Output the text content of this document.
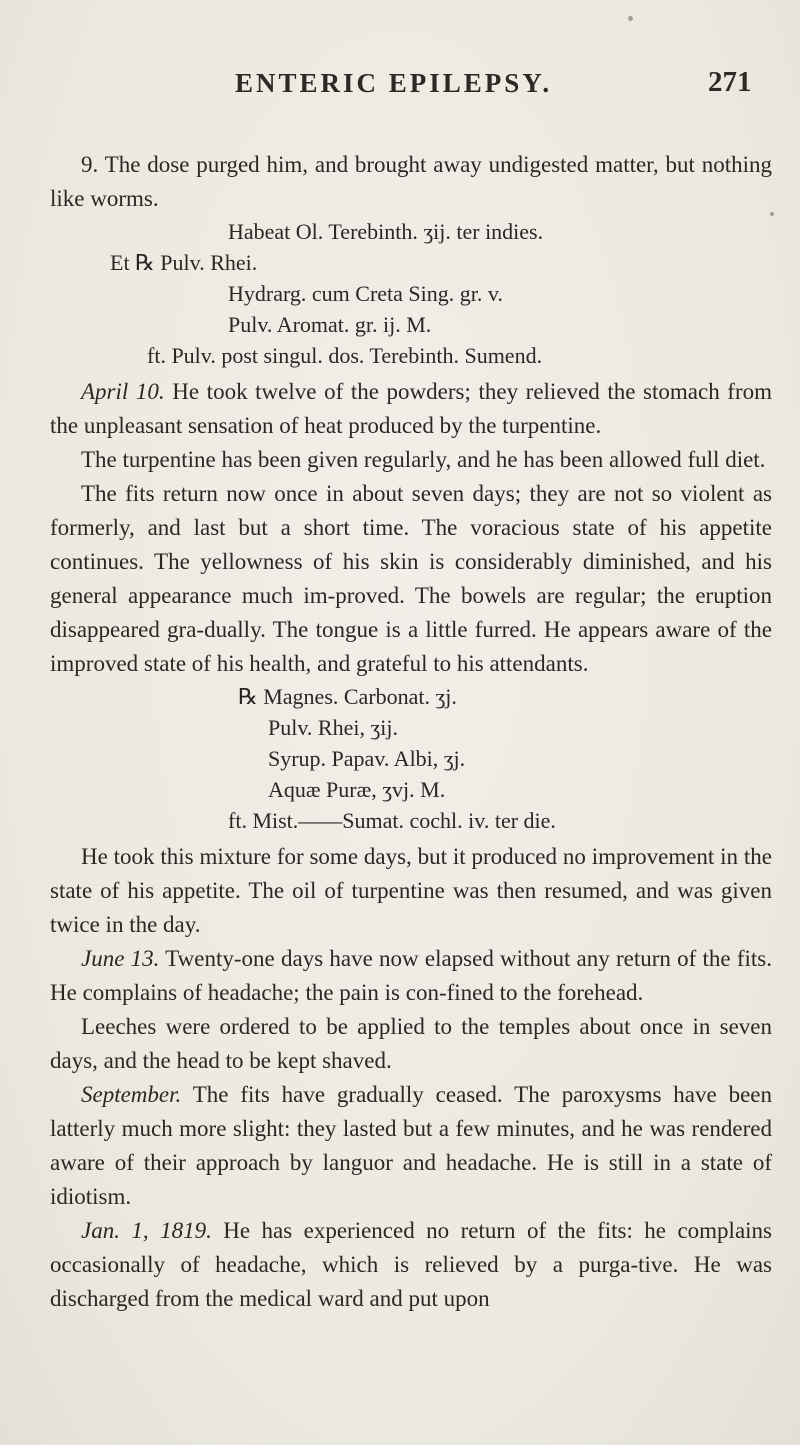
ENTERIC EPILEPSY.	271

9. The dose purged him, and brought away undigested matter, but nothing like worms.

Habeat Ol. Terebinth. ʒij. ter indies.

Et ℞ Pulv. Rhei.

Hydrarg. cum Creta Sing. gr. v.

Pulv. Aromat. gr. ij. M.

ft. Pulv. post singul. dos. Terebinth. Sumend.

April 10. He took twelve of the powders; they relieved the stomach from the unpleasant sensation of heat produced by the turpentine.

The turpentine has been given regularly, and he has been allowed full diet.

The fits return now once in about seven days; they are not so violent as formerly, and last but a short time. The voracious state of his appetite continues. The yellowness of his skin is considerably diminished, and his general appearance much im-proved. The bowels are regular; the eruption disappeared gra-dually. The tongue is a little furred. He appears aware of the improved state of his health, and grateful to his attendants.

℞ Magnes. Carbonat. ʒj.

Pulv. Rhei, ʒij.

Syrup. Papav. Albi, ʒj.

Aquæ Puræ, ʒvj. M.

ft. Mist.——Sumat. cochl. iv. ter die.

He took this mixture for some days, but it produced no improvement in the state of his appetite. The oil of turpentine was then resumed, and was given twice in the day.

June 13. Twenty-one days have now elapsed without any return of the fits. He complains of headache; the pain is con-fined to the forehead.

Leeches were ordered to be applied to the temples about once in seven days, and the head to be kept shaved.

September. The fits have gradually ceased. The paroxysms have been latterly much more slight: they lasted but a few minutes, and he was rendered aware of their approach by languor and headache. He is still in a state of idiotism.

Jan. 1, 1819. He has experienced no return of the fits: he complains occasionally of headache, which is relieved by a purga-tive. He was discharged from the medical ward and put upon
